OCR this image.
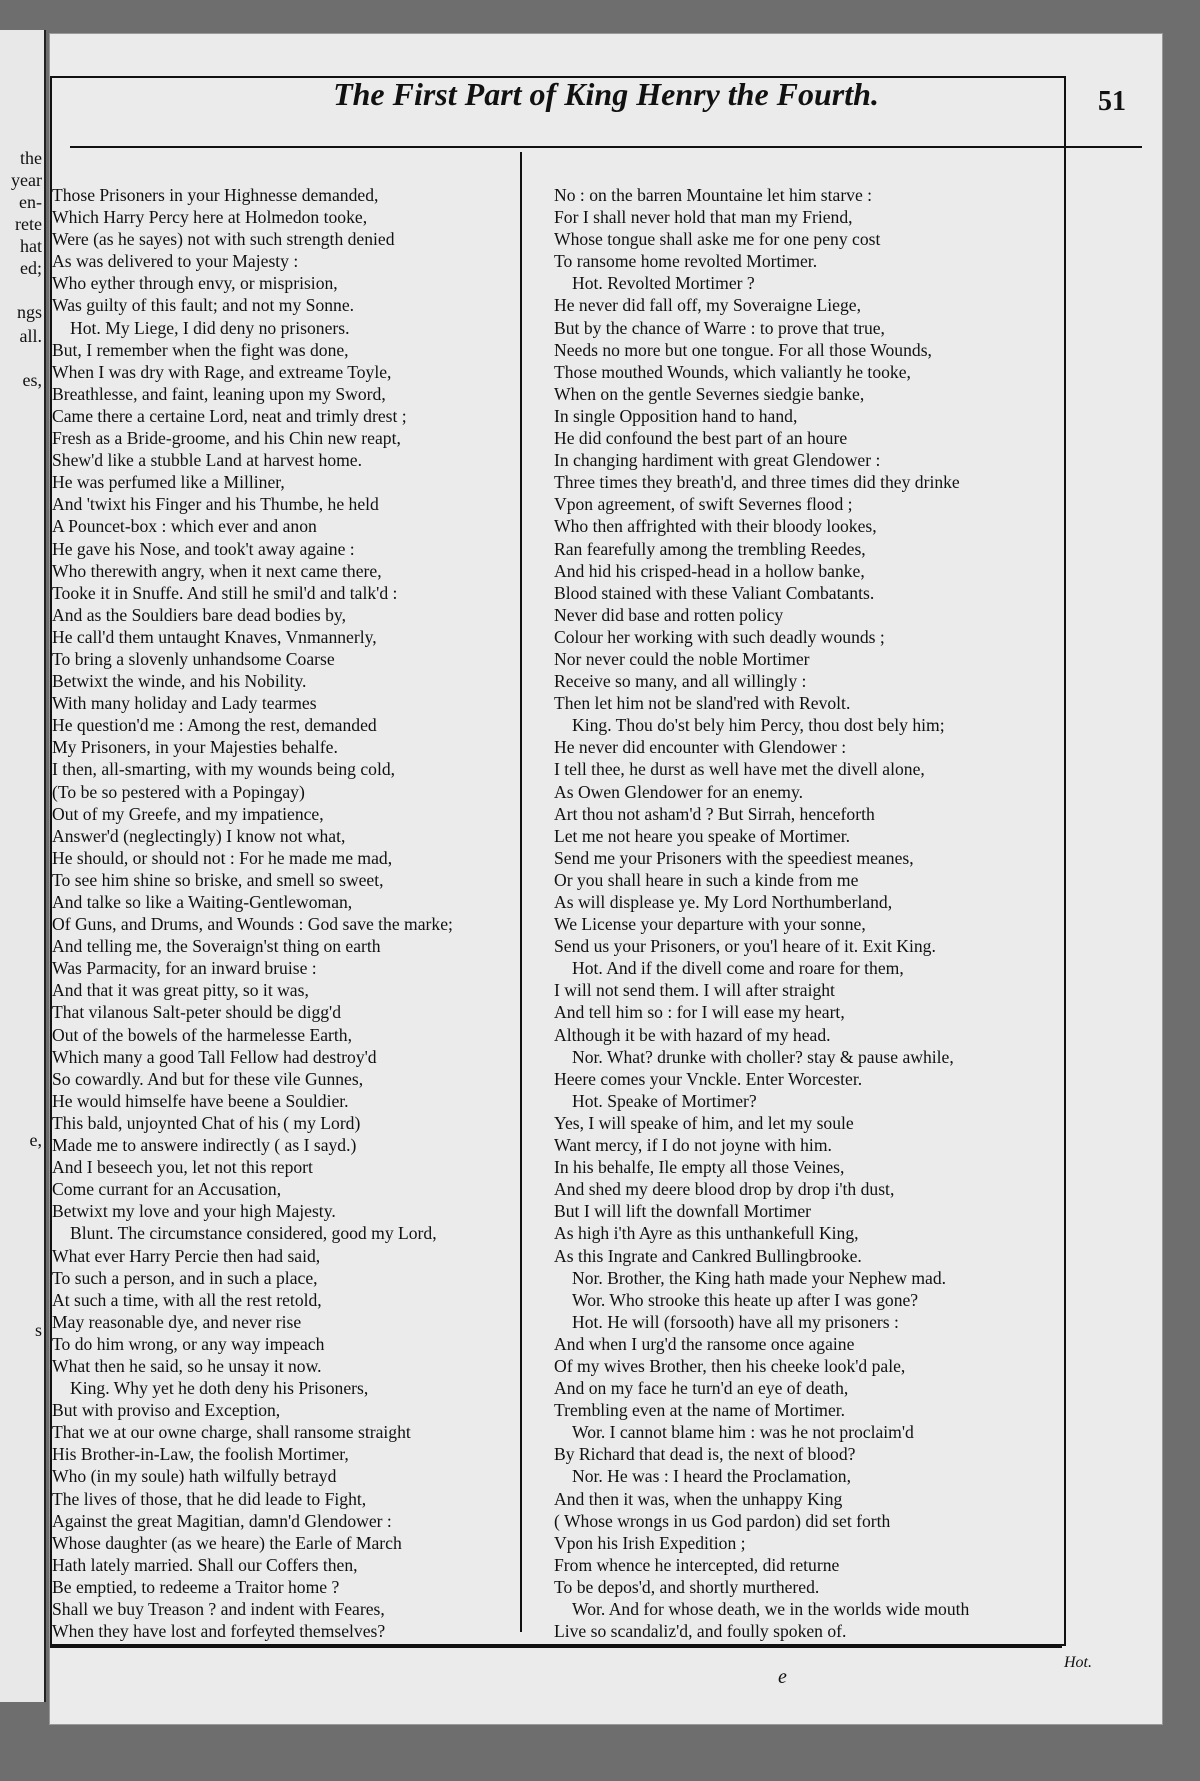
the
year
en-
rete
hat
ed;
ngs
all.
es,
e,
s
The First Part of King Henry the Fourth.	51
Those Prisoners in your Highnesse demanded,
Which Harry Percy here at Holmedon tooke,
Were (as he sayes) not with such strength denied
As was delivered to your Majesty :
Who eyther through envy, or misprision,
Was guilty of this fault; and not my Sonne.
Hot. My Liege, I did deny no prisoners.
But, I remember when the fight was done,
When I was dry with Rage, and extreame Toyle,
Breathlesse, and faint, leaning upon my Sword,
Came there a certaine Lord, neat and trimly drest ;
Fresh as a Bride-groome, and his Chin new reapt,
Shew'd like a stubble Land at harvest home.
He was perfumed like a Milliner,
And 'twixt his Finger and his Thumbe, he held
A Pouncet-box : which ever and anon
He gave his Nose, and took't away againe :
Who therewith angry, when it next came there,
Tooke it in Snuffe. And still he smil'd and talk'd :
And as the Souldiers bare dead bodies by,
He call'd them untaught Knaves, Vnmannerly,
To bring a slovenly unhandsome Coarse
Betwixt the winde, and his Nobility.
With many holiday and Lady tearmes
He question'd me : Among the rest, demanded
My Prisoners, in your Majesties behalfe.
I then, all-smarting, with my wounds being cold,
(To be so pestered with a Popingay)
Out of my Greefe, and my impatience,
Answer'd (neglectingly) I know not what,
He should, or should not : For he made me mad,
To see him shine so briske, and smell so sweet,
And talke so like a Waiting-Gentlewoman,
Of Guns, and Drums, and Wounds : God save the marke;
And telling me, the Soveraign'st thing on earth
Was Parmacity, for an inward bruise :
And that it was great pitty, so it was,
That vilanous Salt-peter should be digg'd
Out of the bowels of the harmelesse Earth,
Which many a good Tall Fellow had destroy'd
So cowardly. And but for these vile Gunnes,
He would himselfe have beene a Souldier.
This bald, unjoynted Chat of his ( my Lord)
Made me to answere indirectly ( as I sayd.)
And I beseech you, let not this report
Come currant for an Accusation,
Betwixt my love and your high Majesty.
Blunt. The circumstance considered, good my Lord,
What ever Harry Percie then had said,
To such a person, and in such a place,
At such a time, with all the rest retold,
May reasonable dye, and never rise
To do him wrong, or any way impeach
What then he said, so he unsay it now.
King. Why yet he doth deny his Prisoners,
But with proviso and Exception,
That we at our owne charge, shall ransome straight
His Brother-in-Law, the foolish Mortimer,
Who (in my soule) hath wilfully betrayd
The lives of those, that he did leade to Fight,
Against the great Magitian, damn'd Glendower :
Whose daughter (as we heare) the Earle of March
Hath lately married. Shall our Coffers then,
Be emptied, to redeeme a Traitor home ?
Shall we buy Treason ? and indent with Feares,
When they have lost and forfeyted themselves?
No : on the barren Mountaine let him starve :
For I shall never hold that man my Friend,
Whose tongue shall aske me for one peny cost
To ransome home revolted Mortimer.
Hot. Revolted Mortimer ?
He never did fall off, my Soveraigne Liege,
But by the chance of Warre : to prove that true,
Needs no more but one tongue. For all those Wounds,
Those mouthed Wounds, which valiantly he tooke,
When on the gentle Severnes siedgie banke,
In single Opposition hand to hand,
He did confound the best part of an houre
In changing hardiment with great Glendower :
Three times they breath'd, and three times did they drinke
Vpon agreement, of swift Severnes flood ;
Who then affrighted with their bloody lookes,
Ran fearefully among the trembling Reedes,
And hid his crisped-head in a hollow banke,
Blood stained with these Valiant Combatants.
Never did base and rotten policy
Colour her working with such deadly wounds ;
Nor never could the noble Mortimer
Receive so many, and all willingly :
Then let him not be sland'red with Revolt.
King. Thou do'st bely him Percy, thou dost bely him;
He never did encounter with Glendower :
I tell thee, he durst as well have met the divell alone,
As Owen Glendower for an enemy.
Art thou not asham'd ? But Sirrah, henceforth
Let me not heare you speake of Mortimer.
Send me your Prisoners with the speediest meanes,
Or you shall heare in such a kinde from me
As will displease ye. My Lord Northumberland,
We License your departure with your sonne,
Send us your Prisoners, or you'l heare of it. Exit King.
Hot. And if the divell come and roare for them,
I will not send them. I will after straight
And tell him so : for I will ease my heart,
Although it be with hazard of my head.
Nor. What? drunke with choller? stay & pause awhile,
Heere comes your Vnckle. Enter Worcester.
Hot. Speake of Mortimer?
Yes, I will speake of him, and let my soule
Want mercy, if I do not joyne with him.
In his behalfe, Ile empty all those Veines,
And shed my deere blood drop by drop i'th dust,
But I will lift the downfall Mortimer
As high i'th Ayre as this unthankefull King,
As this Ingrate and Cankred Bullingbrooke.
Nor. Brother, the King hath made your Nephew mad.
Wor. Who strooke this heate up after I was gone?
Hot. He will (forsooth) have all my prisoners :
And when I urg'd the ransome once againe
Of my wives Brother, then his cheeke look'd pale,
And on my face he turn'd an eye of death,
Trembling even at the name of Mortimer.
Wor. I cannot blame him : was he not proclaim'd
By Richard that dead is, the next of blood?
Nor. He was : I heard the Proclamation,
And then it was, when the unhappy King
( Whose wrongs in us God pardon) did set forth
Vpon his Irish Expedition ;
From whence he intercepted, did returne
To be depos'd, and shortly murthered.
Wor. And for whose death, we in the worlds wide mouth
Live so scandaliz'd, and foully spoken of.
e
Hot.
